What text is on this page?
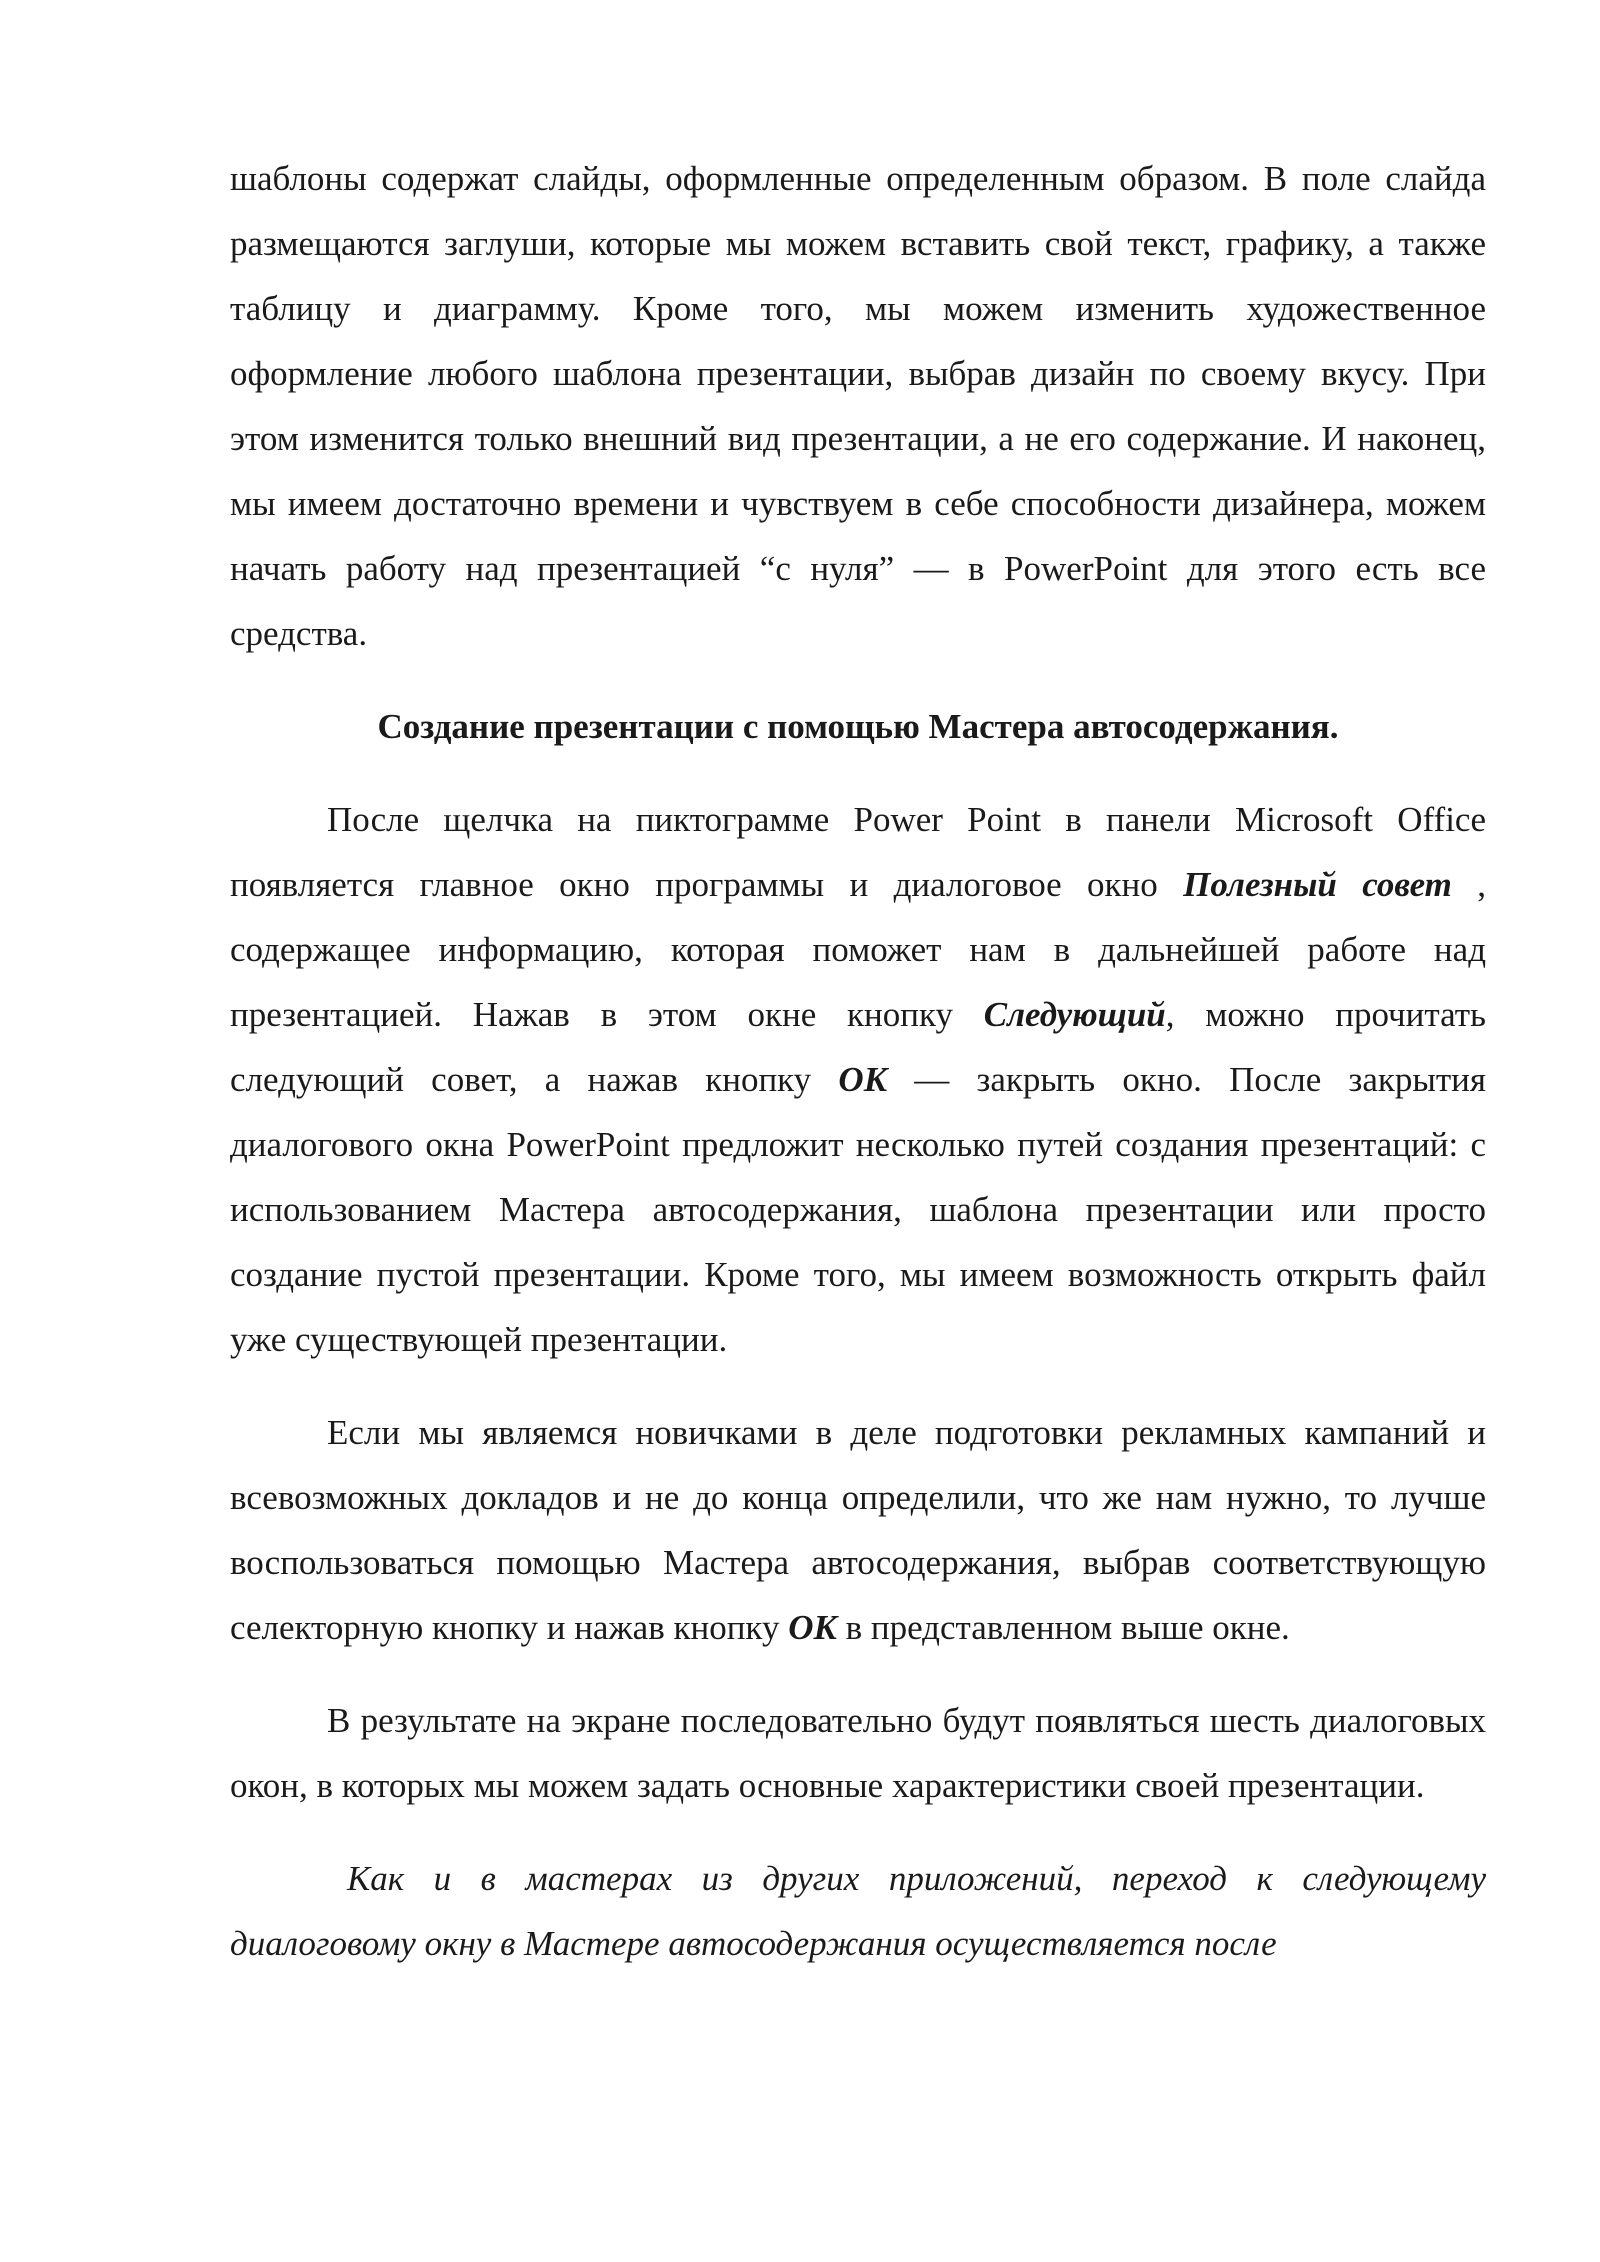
шаблоны содержат слайды, оформленные определенным образом. В поле слайда размещаются заглуши, которые мы можем вставить свой текст, графику, а также таблицу и диаграмму. Кроме того, мы можем изменить художественное оформление любого шаблона презентации, выбрав дизайн по своему вкусу. При этом изменится только внешний вид презентации, а не его содержание. И наконец, мы имеем достаточно времени и чувствуем в себе способности дизайнера, можем начать работу над презентацией “с нуля” — в PowerPoint для этого есть все средства.

Создание презентации с помощью Мастера автосодержания.

После щелчка на пиктограмме Power Point в панели Microsoft Office появляется главное окно программы и диалоговое окно Полезный совет , содержащее информацию, которая поможет нам в дальнейшей работе над презентацией. Нажав в этом окне кнопку Следующий, можно прочитать следующий совет, а нажав кнопку OK — закрыть окно. После закрытия диалогового окна PowerPoint предложит несколько путей создания презентаций: с использованием Мастера автосодержания, шаблона презентации или просто создание пустой презентации. Кроме того, мы имеем возможность открыть файл уже существующей презентации.

Если мы являемся новичками в деле подготовки рекламных кампаний и всевозможных докладов и не до конца определили, что же нам нужно, то лучше воспользоваться помощью Мастера автосодержания, выбрав соответствующую селекторную кнопку и нажав кнопку OK в представленном выше окне.

В результате на экране последовательно будут появляться шесть диалоговых окон, в которых мы можем задать основные характеристики своей презентации.

Как и в мастерах из других приложений, переход к следующему диалоговому окну в Мастере автосодержания осуществляется после
